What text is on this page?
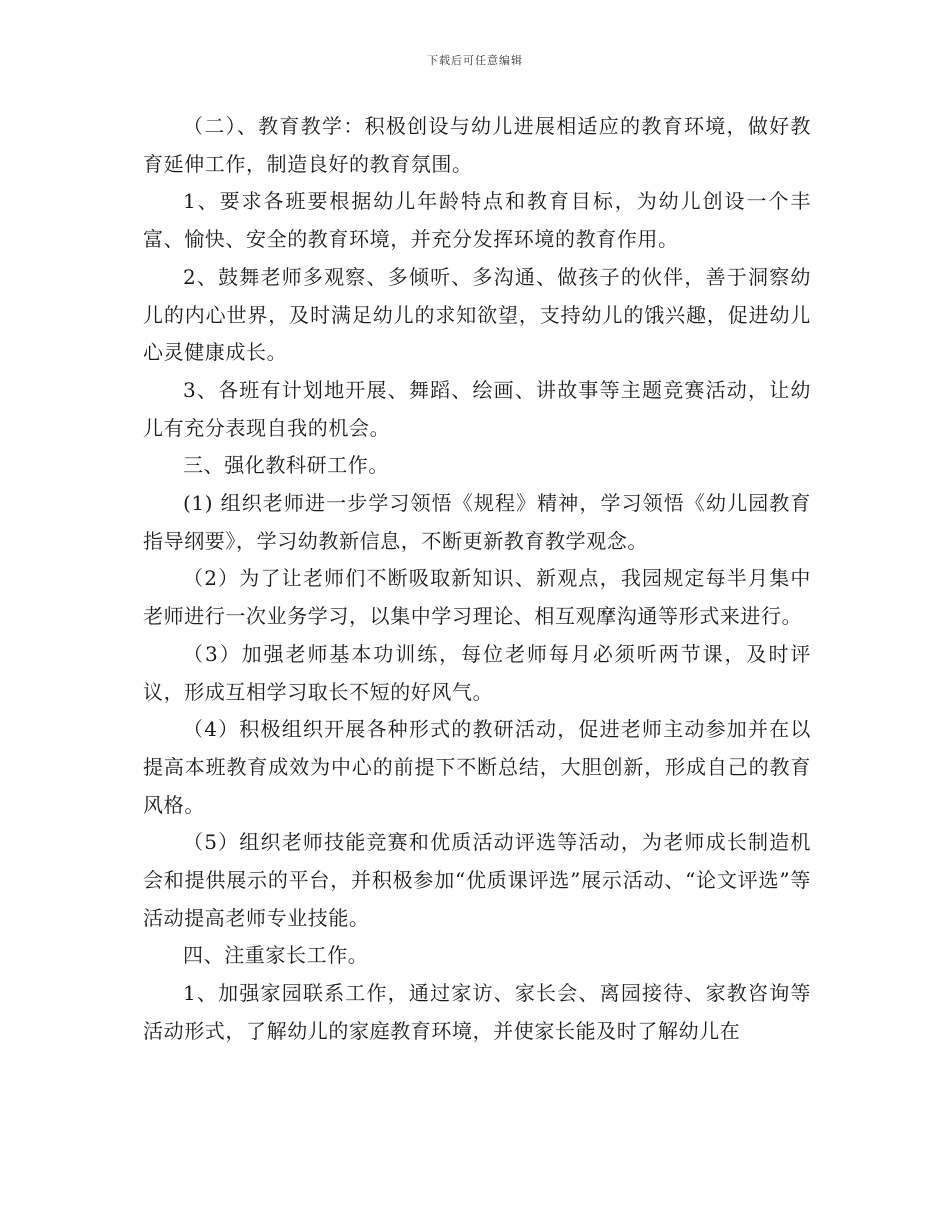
下载后可任意编辑

（二）、教育教学：积极创设与幼儿进展相适应的教育环境，做好教育延伸工作，制造良好的教育氛围。

1、要求各班要根据幼儿年龄特点和教育目标，为幼儿创设一个丰富、愉快、安全的教育环境，并充分发挥环境的教育作用。

2、鼓舞老师多观察、多倾听、多沟通、做孩子的伙伴，善于洞察幼儿的内心世界，及时满足幼儿的求知欲望，支持幼儿的饿兴趣，促进幼儿心灵健康成长。

3、各班有计划地开展、舞蹈、绘画、讲故事等主题竞赛活动，让幼儿有充分表现自我的机会。

三、强化教科研工作。

(1) 组织老师进一步学习领悟《规程》精神，学习领悟《幼儿园教育指导纲要》，学习幼教新信息，不断更新教育教学观念。

（2）为了让老师们不断吸取新知识、新观点，我园规定每半月集中老师进行一次业务学习，以集中学习理论、相互观摩沟通等形式来进行。

（3）加强老师基本功训练，每位老师每月必须听两节课，及时评议，形成互相学习取长不短的好风气。

（4）积极组织开展各种形式的教研活动，促进老师主动参加并在以提高本班教育成效为中心的前提下不断总结，大胆创新，形成自己的教育风格。

（5）组织老师技能竞赛和优质活动评选等活动，为老师成长制造机会和提供展示的平台，并积极参加“优质课评选”展示活动、“论文评选”等活动提高老师专业技能。

四、注重家长工作。

1、加强家园联系工作，通过家访、家长会、离园接待、家教咨询等活动形式，了解幼儿的家庭教育环境，并使家长能及时了解幼儿在
